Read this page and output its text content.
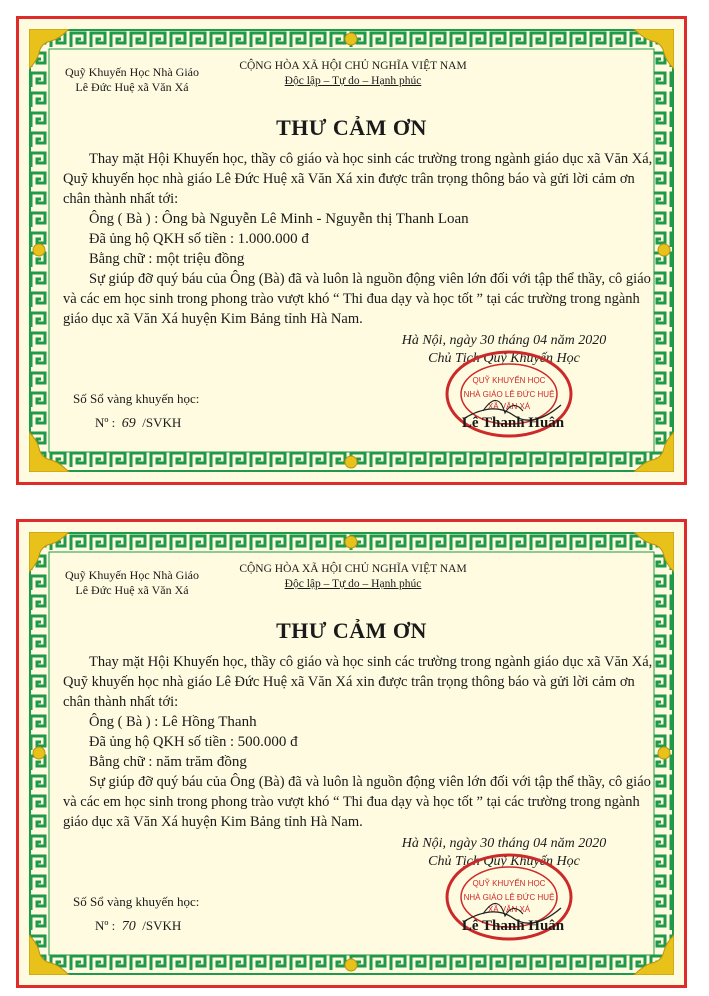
Quỹ Khuyến Học Nhà Giáo
Lê Đức Huệ xã Văn Xá
CỘNG HÒA XÃ HỘI CHỦ NGHĨA VIỆT NAM
Độc lập – Tự do – Hạnh phúc
THƯ CẢM ƠN
Thay mặt Hội Khuyến học, thầy cô giáo và học sinh các trường trong ngành giáo dục xã Văn Xá, Quỹ khuyến học nhà giáo Lê Đức Huệ xã Văn Xá xin được trân trọng thông báo và gửi lời cảm ơn chân thành nhất tới:
Ông ( Bà ) : Ông bà Nguyễn Lê Minh - Nguyễn thị Thanh Loan
Đã ủng hộ QKH số tiền : 1.000.000 đ
Bằng chữ : một triệu đồng
Sự giúp đỡ quý báu của Ông (Bà) đã và luôn là nguồn động viên lớn đối với tập thể thầy, cô giáo và các em học sinh trong phong trào vượt khó “ Thi đua dạy và học tốt ” tại các trường trong ngành giáo dục xã Văn Xá huyện Kim Bảng tỉnh Hà Nam.
Hà Nội, ngày 30 tháng 04 năm 2020
Chủ Tịch Quỹ Khuyến Học
QUỸ KHUYẾN HỌC
NHÀ GIÁO LÊ ĐỨC HUỆ
XÃ VĂN XÁ
Lê Thanh Huân
Số Sổ vàng khuyến học:
Nº : 69 /SVKH
Quỹ Khuyến Học Nhà Giáo
Lê Đức Huệ xã Văn Xá
CỘNG HÒA XÃ HỘI CHỦ NGHĨA VIỆT NAM
Độc lập – Tự do – Hạnh phúc
THƯ CẢM ƠN
Thay mặt Hội Khuyến học, thầy cô giáo và học sinh các trường trong ngành giáo dục xã Văn Xá, Quỹ khuyến học nhà giáo Lê Đức Huệ xã Văn Xá xin được trân trọng thông báo và gửi lời cảm ơn chân thành nhất tới:
Ông ( Bà ) : Lê Hồng Thanh
Đã ủng hộ QKH số tiền : 500.000 đ
Bằng chữ : năm trăm đồng
Sự giúp đỡ quý báu của Ông (Bà) đã và luôn là nguồn động viên lớn đối với tập thể thầy, cô giáo và các em học sinh trong phong trào vượt khó “ Thi đua dạy và học tốt ” tại các trường trong ngành giáo dục xã Văn Xá huyện Kim Bảng tỉnh Hà Nam.
Hà Nội, ngày 30 tháng 04 năm 2020
Chủ Tịch Quỹ Khuyến Học
QUỸ KHUYẾN HỌC
NHÀ GIÁO LÊ ĐỨC HUỆ
XÃ VĂN XÁ
Lê Thanh Huân
Số Sổ vàng khuyến học:
Nº : 70 /SVKH
